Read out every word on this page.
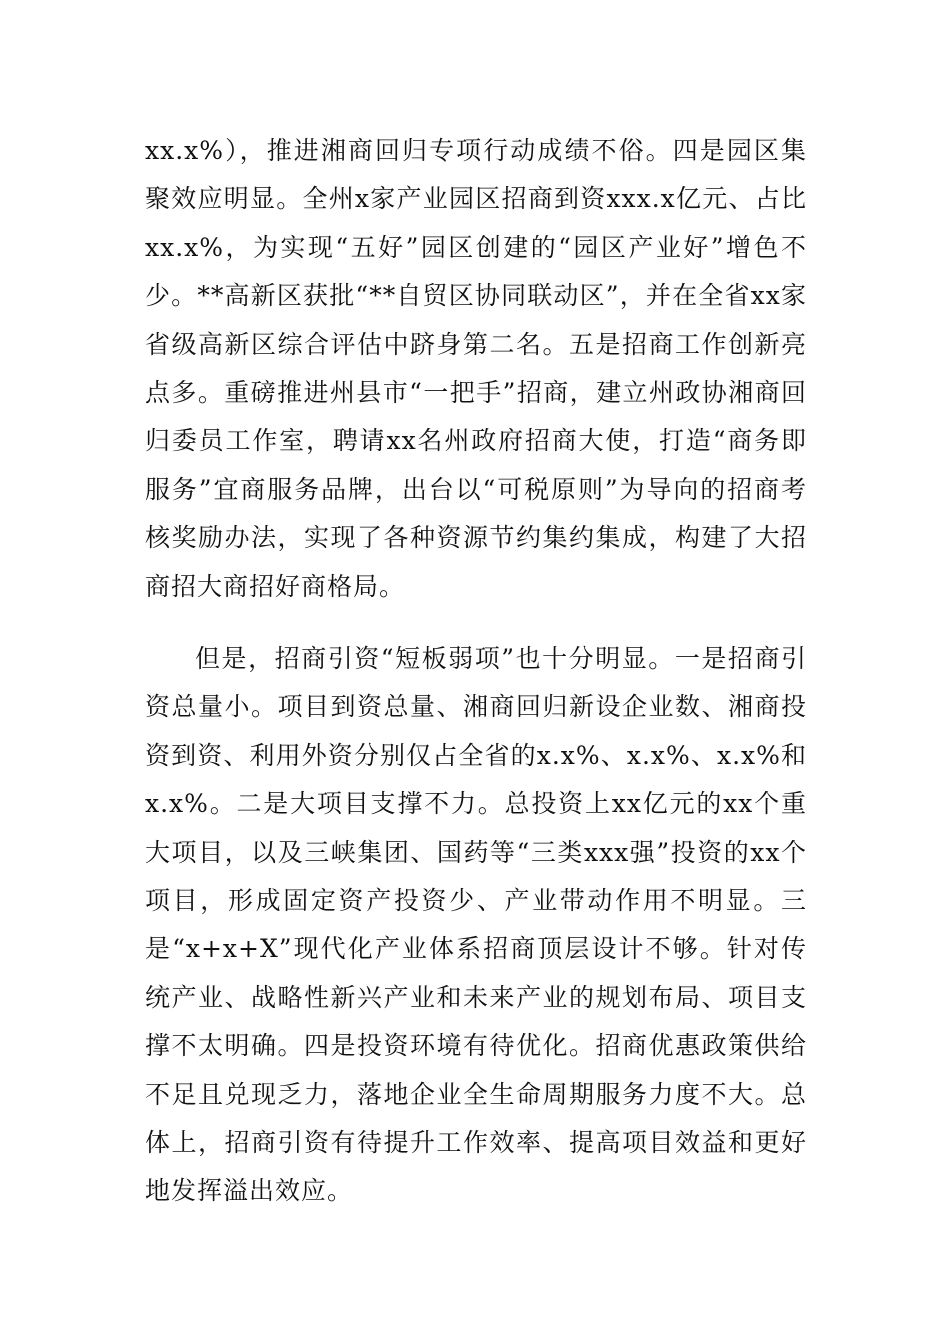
xx.x%），推进湘商回归专项行动成绩不俗。四是园区集聚效应明显。全州x家产业园区招商到资xxx.x亿元、占比xx.x%，为实现“五好”园区创建的“园区产业好”增色不少。**高新区获批“**自贸区协同联动区”，并在全省xx家省级高新区综合评估中跻身第二名。五是招商工作创新亮点多。重磅推进州县市“一把手”招商，建立州政协湘商回归委员工作室，聘请xx名州政府招商大使，打造“商务即服务”宜商服务品牌，出台以“可税原则”为导向的招商考核奖励办法，实现了各种资源节约集约集成，构建了大招商招大商招好商格局。

但是，招商引资“短板弱项”也十分明显。一是招商引资总量小。项目到资总量、湘商回归新设企业数、湘商投资到资、利用外资分别仅占全省的x.x%、x.x%、x.x%和x.x%。二是大项目支撑不力。总投资上xx亿元的xx个重大项目，以及三峡集团、国药等“三类xxx强”投资的xx个项目，形成固定资产投资少、产业带动作用不明显。三是“x+x+X”现代化产业体系招商顶层设计不够。针对传统产业、战略性新兴产业和未来产业的规划布局、项目支撑不太明确。四是投资环境有待优化。招商优惠政策供给不足且兑现乏力，落地企业全生命周期服务力度不大。总体上，招商引资有待提升工作效率、提高项目效益和更好地发挥溢出效应。
